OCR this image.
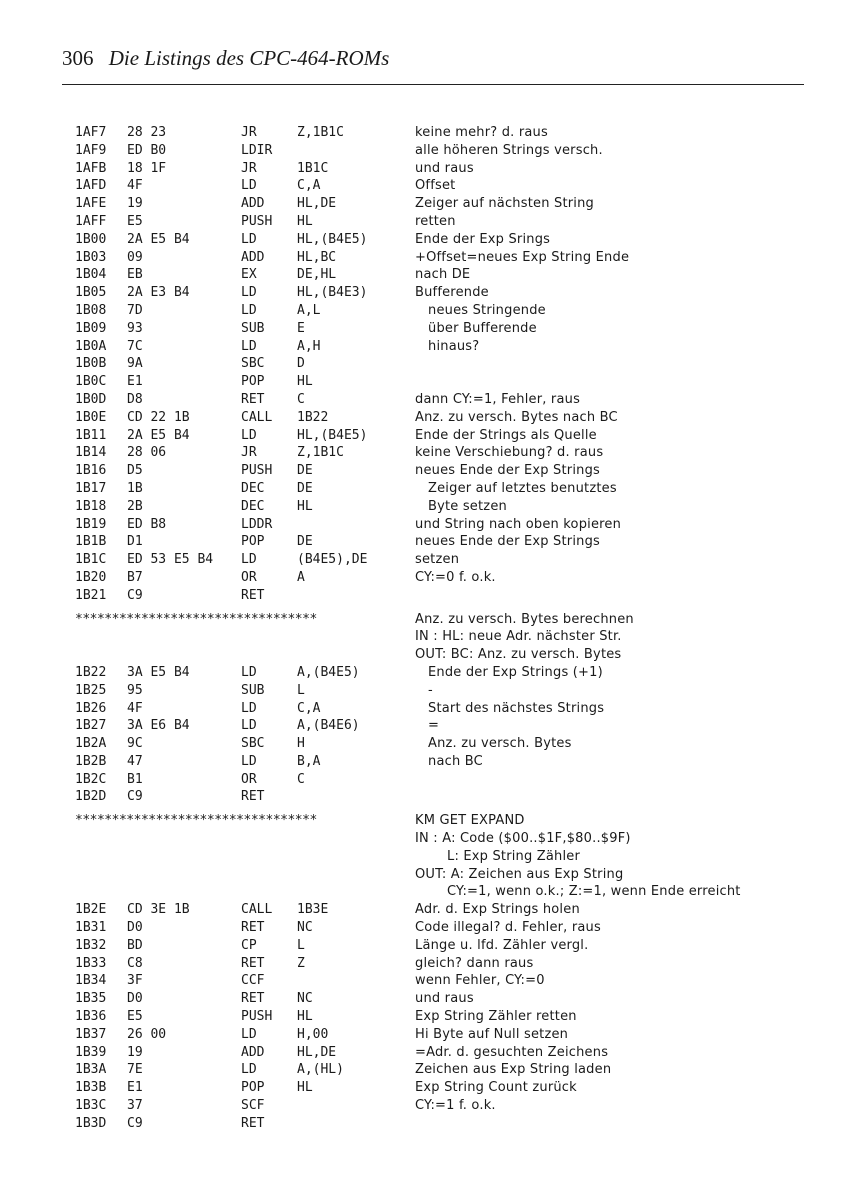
306 Die Listings des CPC-464-ROMs
1AF7 28 23	JR	Z,1B1C	keine mehr? d. raus
1AF9 ED B0	LDIR	alle höheren Strings versch.
1AFB 18 1F	JR	1B1C	und raus
1AFD 4F	LD	C,A	Offset
1AFE 19	ADD	HL,DE	Zeiger auf nächsten String
1AFF E5	PUSH HL	retten
1B00 2A E5 B4	LD	HL,(B4E5)	Ende der Exp Srings
1B03 09	ADD	HL,BC	+Offset=neues Exp String Ende
1B04 EB	EX	DE,HL	nach DE
1B05 2A E3 B4	LD	HL,(B4E3)	Bufferende
1B08 7D	LD	A,L	neues Stringende
1B09 93	SUB	E	über Bufferende
1B0A 7C	LD	A,H	hinaus?
1B0B 9A	SBC	D
1B0C E1	POP	HL
1B0D D8	RET	C	dann CY:=1, Fehler, raus
1B0E CD 22 1B	CALL 1B22	Anz. zu versch. Bytes nach BC
1B11 2A E5 B4	LD	HL,(B4E5)	Ende der Strings als Quelle
1B14 28 06	JR	Z,1B1C	keine Verschiebung? d. raus
1B16 D5	PUSH DE	neues Ende der Exp Strings
1B17 1B	DEC	DE	Zeiger auf letztes benutztes
1B18 2B	DEC	HL	Byte setzen
1B19 ED B8	LDDR	und String nach oben kopieren
1B1B D1	POP	DE	neues Ende der Exp Strings
1B1C ED 53 E5 B4 LD	(B4E5),DE	setzen
1B20 B7	OR	A	CY:=0 f. o.k.
1B21 C9	RET
*********************************	Anz. zu versch. Bytes berechnen
IN : HL: neue Adr. nächster Str.
OUT: BC: Anz. zu versch. Bytes
1B22 3A E5 B4	LD	A,(B4E5)	Ende der Exp Strings (+1)
1B25 95	SUB	L	-
1B26 4F	LD	C,A	Start des nächstes Strings
1B27 3A E6 B4	LD	A,(B4E6)	=
1B2A 9C	SBC	H	Anz. zu versch. Bytes
1B2B 47	LD	B,A	nach BC
1B2C B1	OR	C
1B2D C9	RET
*********************************	KM GET EXPAND
IN : A: Code ($00..$1F,$80..$9F)
L: Exp String Zähler
OUT: A: Zeichen aus Exp String
CY:=1, wenn o.k.; Z:=1, wenn Ende erreicht
1B2E CD 3E 1B	CALL 1B3E	Adr. d. Exp Strings holen
1B31 D0	RET	NC	Code illegal? d. Fehler, raus
1B32 BD	CP	L	Länge u. lfd. Zähler vergl.
1B33 C8	RET	Z	gleich? dann raus
1B34 3F	CCF	wenn Fehler, CY:=0
1B35 D0	RET	NC	und raus
1B36 E5	PUSH HL	Exp String Zähler retten
1B37 26 00	LD	H,00	Hi Byte auf Null setzen
1B39 19	ADD	HL,DE	=Adr. d. gesuchten Zeichens
1B3A 7E	LD	A,(HL)	Zeichen aus Exp String laden
1B3B E1	POP	HL	Exp String Count zurück
1B3C 37	SCF	CY:=1 f. o.k.
1B3D C9	RET
